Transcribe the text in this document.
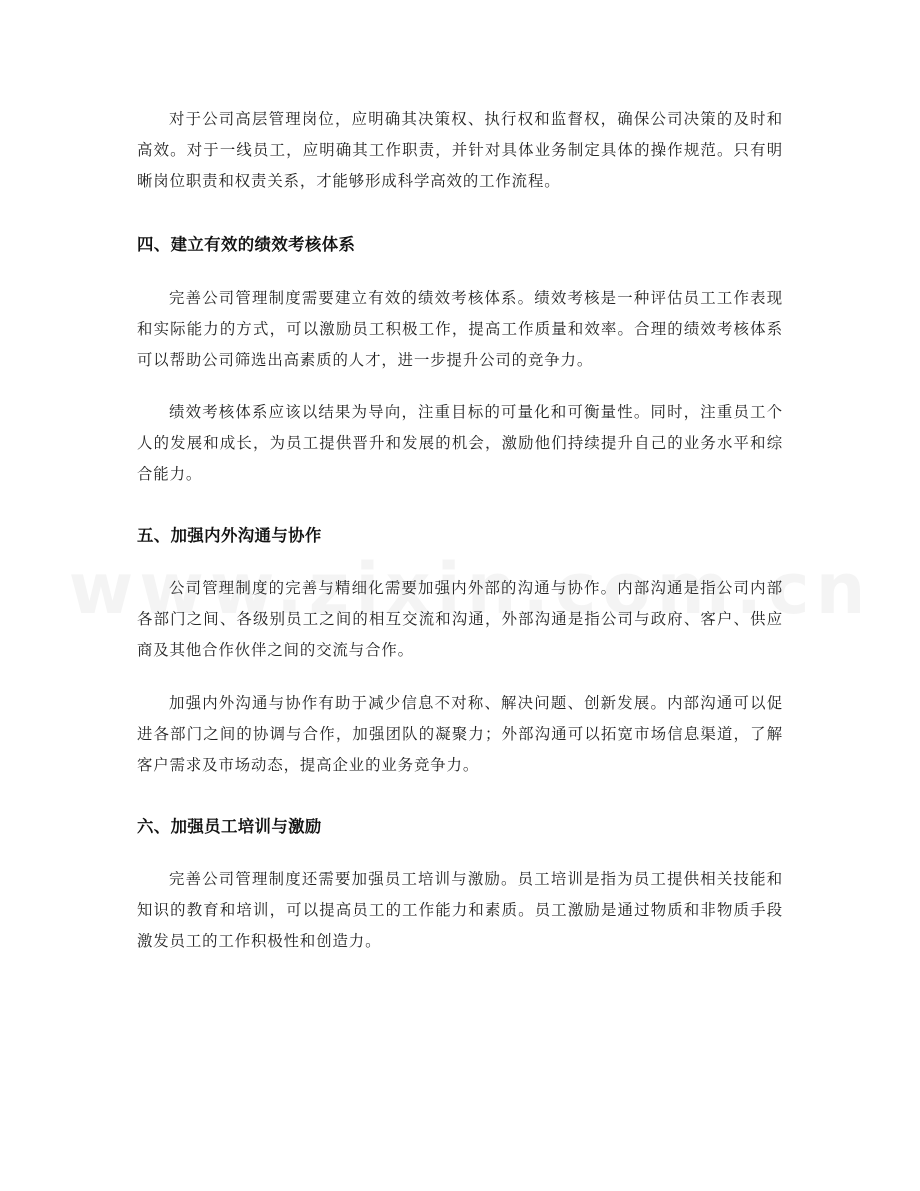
对于公司高层管理岗位，应明确其决策权、执行权和监督权，确保公司决策的及时和高效。对于一线员工，应明确其工作职责，并针对具体业务制定具体的操作规范。只有明晰岗位职责和权责关系，才能够形成科学高效的工作流程。

四、建立有效的绩效考核体系

完善公司管理制度需要建立有效的绩效考核体系。绩效考核是一种评估员工工作表现和实际能力的方式，可以激励员工积极工作，提高工作质量和效率。合理的绩效考核体系可以帮助公司筛选出高素质的人才，进一步提升公司的竞争力。

绩效考核体系应该以结果为导向，注重目标的可量化和可衡量性。同时，注重员工个人的发展和成长，为员工提供晋升和发展的机会，激励他们持续提升自己的业务水平和综合能力。

五、加强内外沟通与协作

公司管理制度的完善与精细化需要加强内外部的沟通与协作。内部沟通是指公司内部各部门之间、各级别员工之间的相互交流和沟通，外部沟通是指公司与政府、客户、供应商及其他合作伙伴之间的交流与合作。

加强内外沟通与协作有助于减少信息不对称、解决问题、创新发展。内部沟通可以促进各部门之间的协调与合作，加强团队的凝聚力；外部沟通可以拓宽市场信息渠道，了解客户需求及市场动态，提高企业的业务竞争力。

六、加强员工培训与激励

完善公司管理制度还需要加强员工培训与激励。员工培训是指为员工提供相关技能和知识的教育和培训，可以提高员工的工作能力和素质。员工激励是通过物质和非物质手段激发员工的工作积极性和创造力。
